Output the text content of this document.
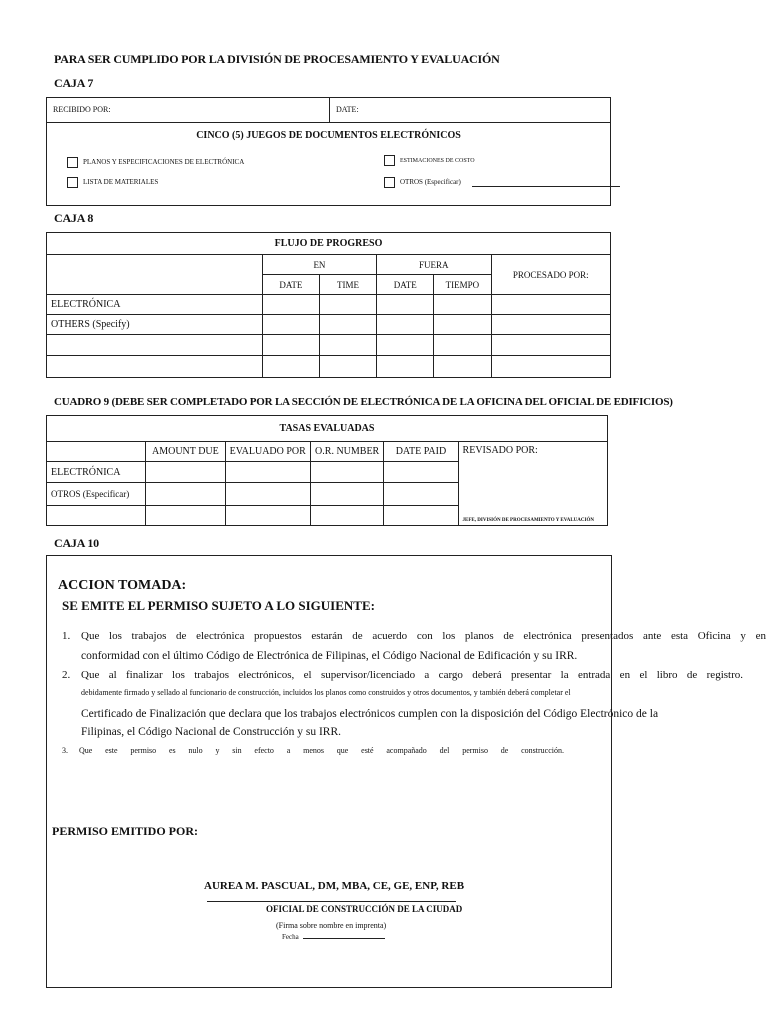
PARA SER CUMPLIDO POR LA DIVISIÓN DE PROCESAMIENTO Y EVALUACIÓN
CAJA 7
RECIBIDO POR:	DATE:
CINCO (5) JUEGOS DE DOCUMENTOS ELECTRÓNICOS
PLANOS Y ESPECIFICACIONES DE ELECTRÓNICA
LISTA DE MATERIALES
ESTIMACIONES DE COSTO
OTROS (Especificar)
CAJA 8
FLUJO DE PROGRESO					
	EN		FUERA		PROCESADO POR:
	DATE	TIME	DATE	TIEMPO	
ELECTRÓNICA					
OTHERS (Specify)					

CUADRO 9 (DEBE SER COMPLETADO POR LA SECCIÓN DE ELECTRÓNICA DE LA OFICINA DEL OFICIAL DE EDIFICIOS)
TASAS EVALUADAS					
	AMOUNT DUE	EVALUADO POR	O.R. NUMBER	DATE PAID	REVISADO POR:
JEFE, DIVISIÓN DE PROCESAMIENTO Y EVALUACIÓN

ELECTRÓNICA					
OTROS (Especificar)					

CAJA 10
ACCION TOMADA:
SE EMITE EL PERMISO SUJETO A LO SIGUIENTE:
1. Que los trabajos de electrónica propuestos estarán de acuerdo con los planos de electrónica presentados ante esta Oficina y en
conformidad con el último Código de Electrónica de Filipinas, el Código Nacional de Edificación y su IRR.
2. Que al finalizar los trabajos electrónicos, el supervisor/licenciado a cargo deberá presentar la entrada en el libro de registro.
debidamente firmado y sellado al funcionario de construcción, incluidos los planos como construidos y otros documentos, y también deberá completar el
Certificado de Finalización que declara que los trabajos electrónicos cumplen con la disposición del Código Electrónico de la
Filipinas, el Código Nacional de Construcción y su IRR.
3. Que este permiso es nulo y sin efecto a menos que esté acompañado del permiso de construcción.
PERMISO EMITIDO POR:
AUREA M. PASCUAL, DM, MBA, CE, GE, ENP, REB
OFICIAL DE CONSTRUCCIÓN DE LA CIUDAD
(Firma sobre nombre en imprenta)
Fecha
